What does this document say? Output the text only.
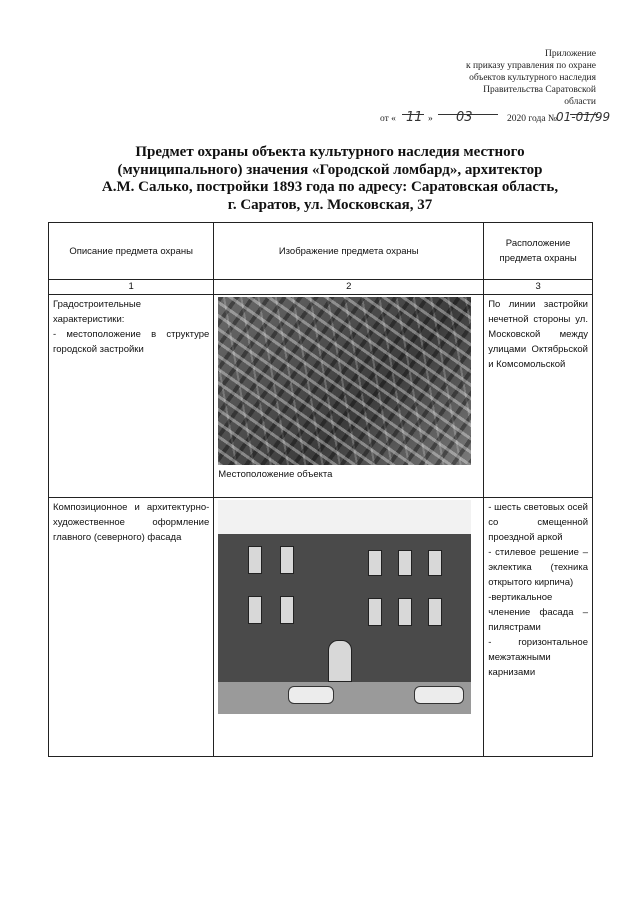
Приложение
к приказу управления по охране
объектов культурного наследия
Правительства Саратовской
области
от « 11 » 03	2020 года №
01-01/99
Предмет охраны объекта культурного наследия местного
(муниципального) значения «Городской ломбард», архитектор
А.М. Салько, постройки 1893 года по адресу: Саратовская область,
г. Саратов, ул. Московская, 37
Описание предмета охраны	Изображение предмета охраны	Расположение предмета охраны
1	2	3

Градостроительные характеристики:
- местоположение в структуре городской застройки	Местоположение объекта	По линии застройки нечетной стороны ул. Московской между улицами Октябрьской и Комсомольской

Композиционное и архитектурно-художественное оформление главного (северного) фасада		- шесть световых осей со смещенной проездной аркой
- стилевое решение –эклектика (техника открытого кирпича)
-вертикальное членение фасада – пилястрами
- горизонтальное межэтажными карнизами
